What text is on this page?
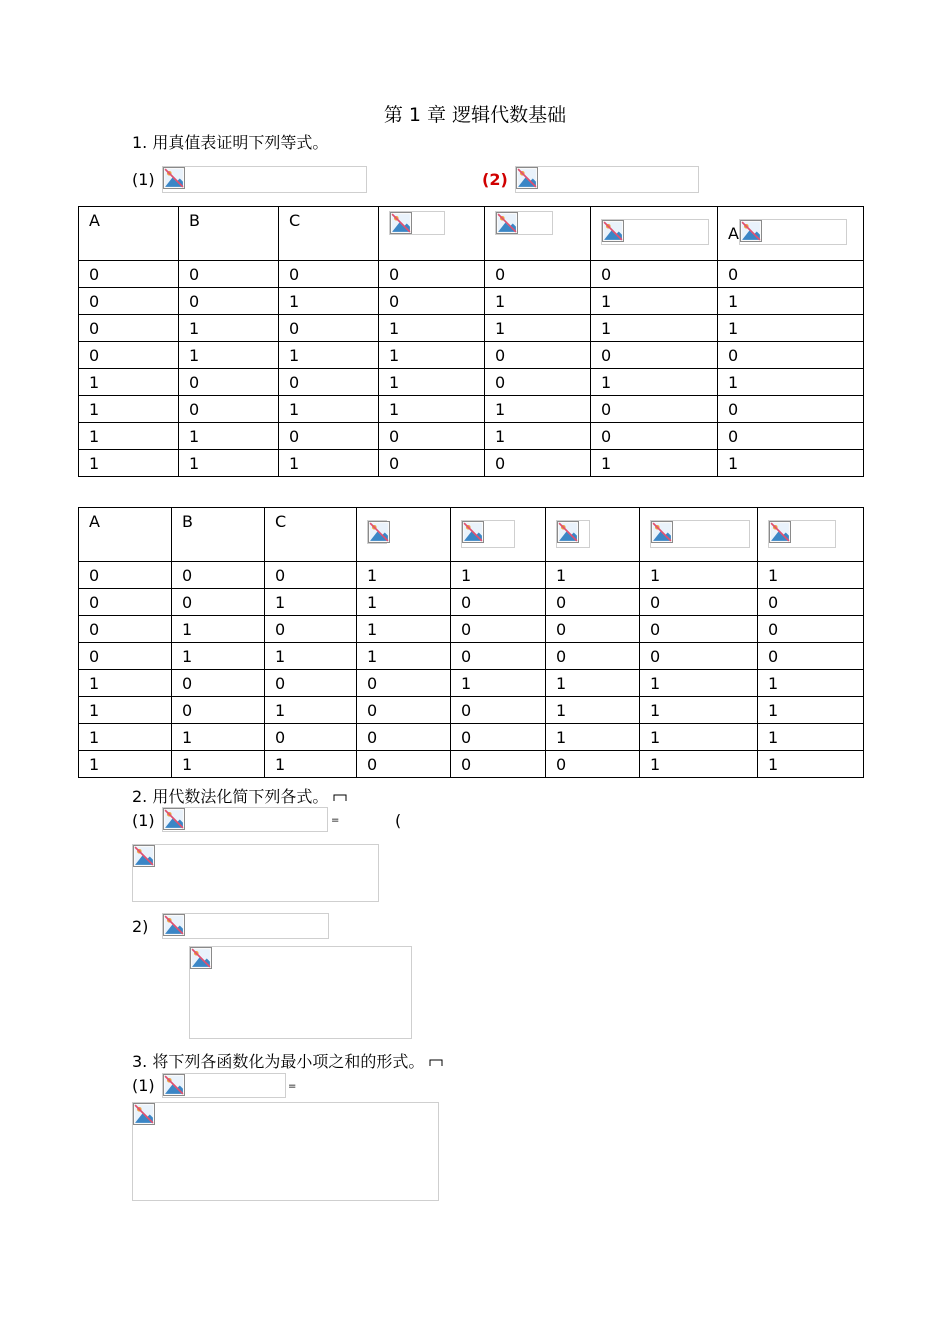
第 1 章 逻辑代数基础
1. 用真值表证明下列等式。
(1)	(2)
A	B	C				A

0	0	0	0	0	0	0
0	0	1	0	1	1	1
0	1	0	1	1	1	1
0	1	1	1	0	0	0
1	0	0	1	0	1	1
1	0	1	1	1	0	0
1	1	0	0	1	0	0
1	1	1	0	0	1	1
A	B	C	

0	0	0	1	1	1	1	1
0	0	1	1	0	0	0	0
0	1	0	1	0	0	0	0
0	1	1	1	0	0	0	0
1	0	0	0	1	1	1	1
1	0	1	0	0	1	1	1
1	1	0	0	0	1	1	1
1	1	1	0	0	0	1	1
2. 用代数法化简下列各式。
(1)	=	(
2)
3. 将下列各函数化为最小项之和的形式。
(1)	=
